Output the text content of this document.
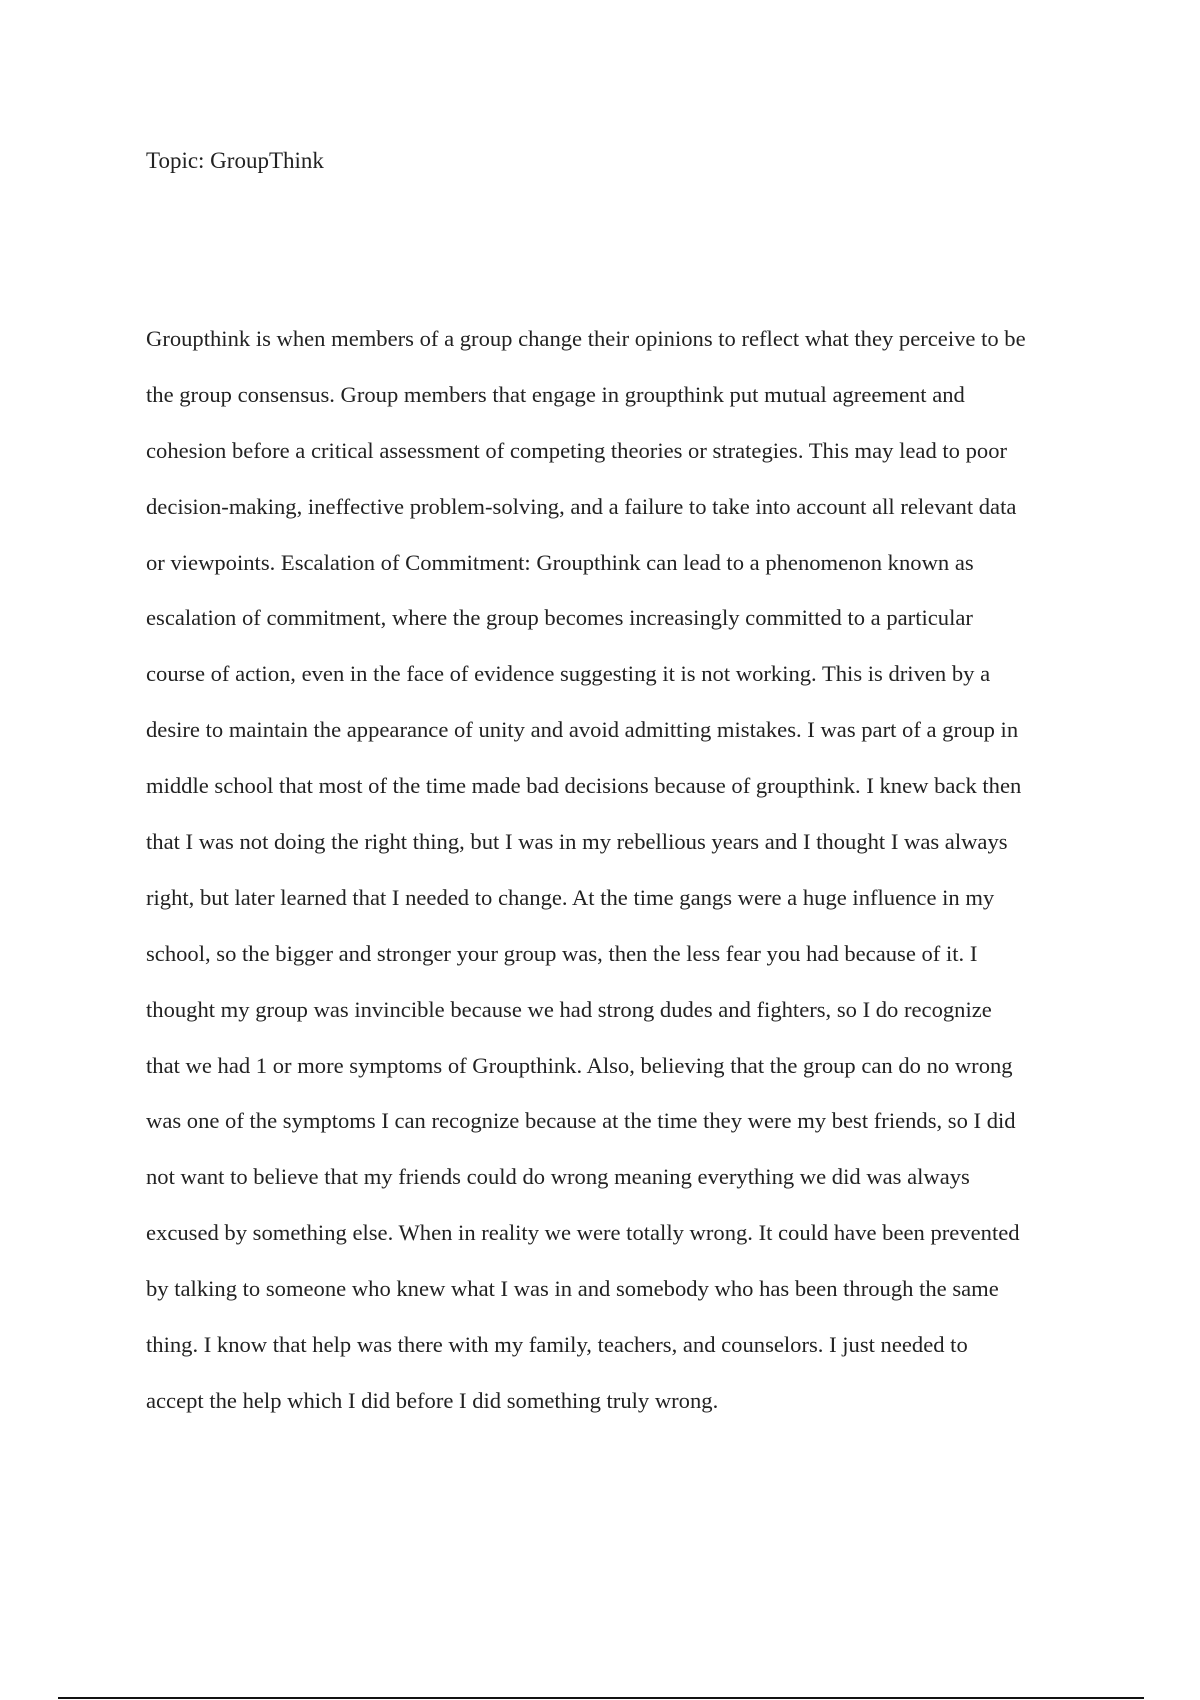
Topic: GroupThink
Groupthink is when members of a group change their opinions to reflect what they perceive to be
the group consensus. Group members that engage in groupthink put mutual agreement and
cohesion before a critical assessment of competing theories or strategies. This may lead to poor
decision-making, ineffective problem-solving, and a failure to take into account all relevant data
or viewpoints. Escalation of Commitment: Groupthink can lead to a phenomenon known as
escalation of commitment, where the group becomes increasingly committed to a particular
course of action, even in the face of evidence suggesting it is not working. This is driven by a
desire to maintain the appearance of unity and avoid admitting mistakes. I was part of a group in
middle school that most of the time made bad decisions because of groupthink. I knew back then
that I was not doing the right thing, but I was in my rebellious years and I thought I was always
right, but later learned that I needed to change. At the time gangs were a huge influence in my
school, so the bigger and stronger your group was, then the less fear you had because of it. I
thought my group was invincible because we had strong dudes and fighters, so I do recognize
that we had 1 or more symptoms of Groupthink. Also, believing that the group can do no wrong
was one of the symptoms I can recognize because at the time they were my best friends, so I did
not want to believe that my friends could do wrong meaning everything we did was always
excused by something else. When in reality we were totally wrong. It could have been prevented
by talking to someone who knew what I was in and somebody who has been through the same
thing. I know that help was there with my family, teachers, and counselors. I just needed to
accept the help which I did before I did something truly wrong.
